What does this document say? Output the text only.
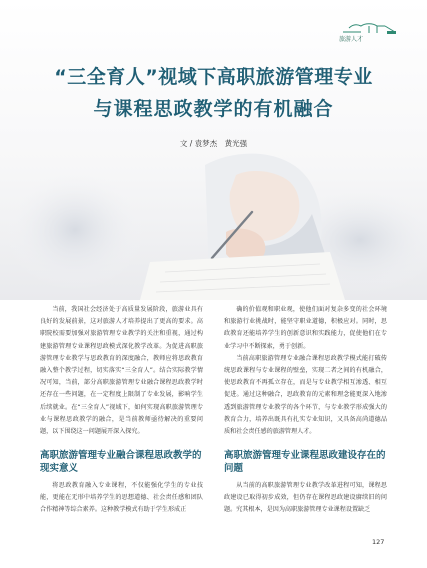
旅游人才
“三全育人”视域下高职旅游管理专业
与课程思政教学的有机融合
文 / 袁梦杰　黄光强

当前，我国社会经济处于高质量发展阶段，旅游业具有良好的发展前景，这对旅游人才培养提出了更高的要求。高职院校需要加强对旅游管理专业教学的关注和重视，通过构建旅游管理专业课程思政模式深化教学改革。为促进高职旅游管理专业教学与思政教育的深度融合，教师应将思政教育融入整个教学过程，切实落实“三全育人”。结合实际教学情况可知，当前，部分高职旅游管理专业融合课程思政教学时还存在一些问题，在一定程度上限制了专业发展，影响学生后续就业。在“三全育人”视域下，如何实现高职旅游管理专业与课程思政教学的融合，是当前教师亟待解决的重要问题，以下围绕这一问题展开深入探究。

确的价值观和职业观，使他们面对复杂多变的社会环境和旅游行业挑战时，能坚守职业道德，积极应对。同时，思政教育还能培养学生的创新意识和实践能力，促使他们在专业学习中不断探索，勇于创新。

当前高职旅游管理专业融合课程思政教学模式能打破传统思政课程与专业课程的壁垒，实现二者之间的有机融合，使思政教育不再孤立存在，而是与专业教学相互渗透、相互促进。通过这种融合，思政教育的元素和理念能更深入地渗透到旅游管理专业教学的各个环节，与专业教学形成强大的教育合力，培养出既具有扎实专业知识，又具备高尚道德品质和社会责任感的旅游管理人才。

高职旅游管理专业融合课程思政教学的现实意义
高职旅游管理专业课程思政建设存在的问题

将思政教育融入专业课程，不仅能强化学生的专业技能，更能在无形中培养学生的思想道德、社会责任感和团队合作精神等综合素养。这种教学模式有助于学生形成正

从当前的高职旅游管理专业教学改革进程可知，课程思政建设已取得初步成效，但仍存在课程思政建设赓续旧的问题。究其根本，是因为高职旅游管理专业课程设置缺乏

127
